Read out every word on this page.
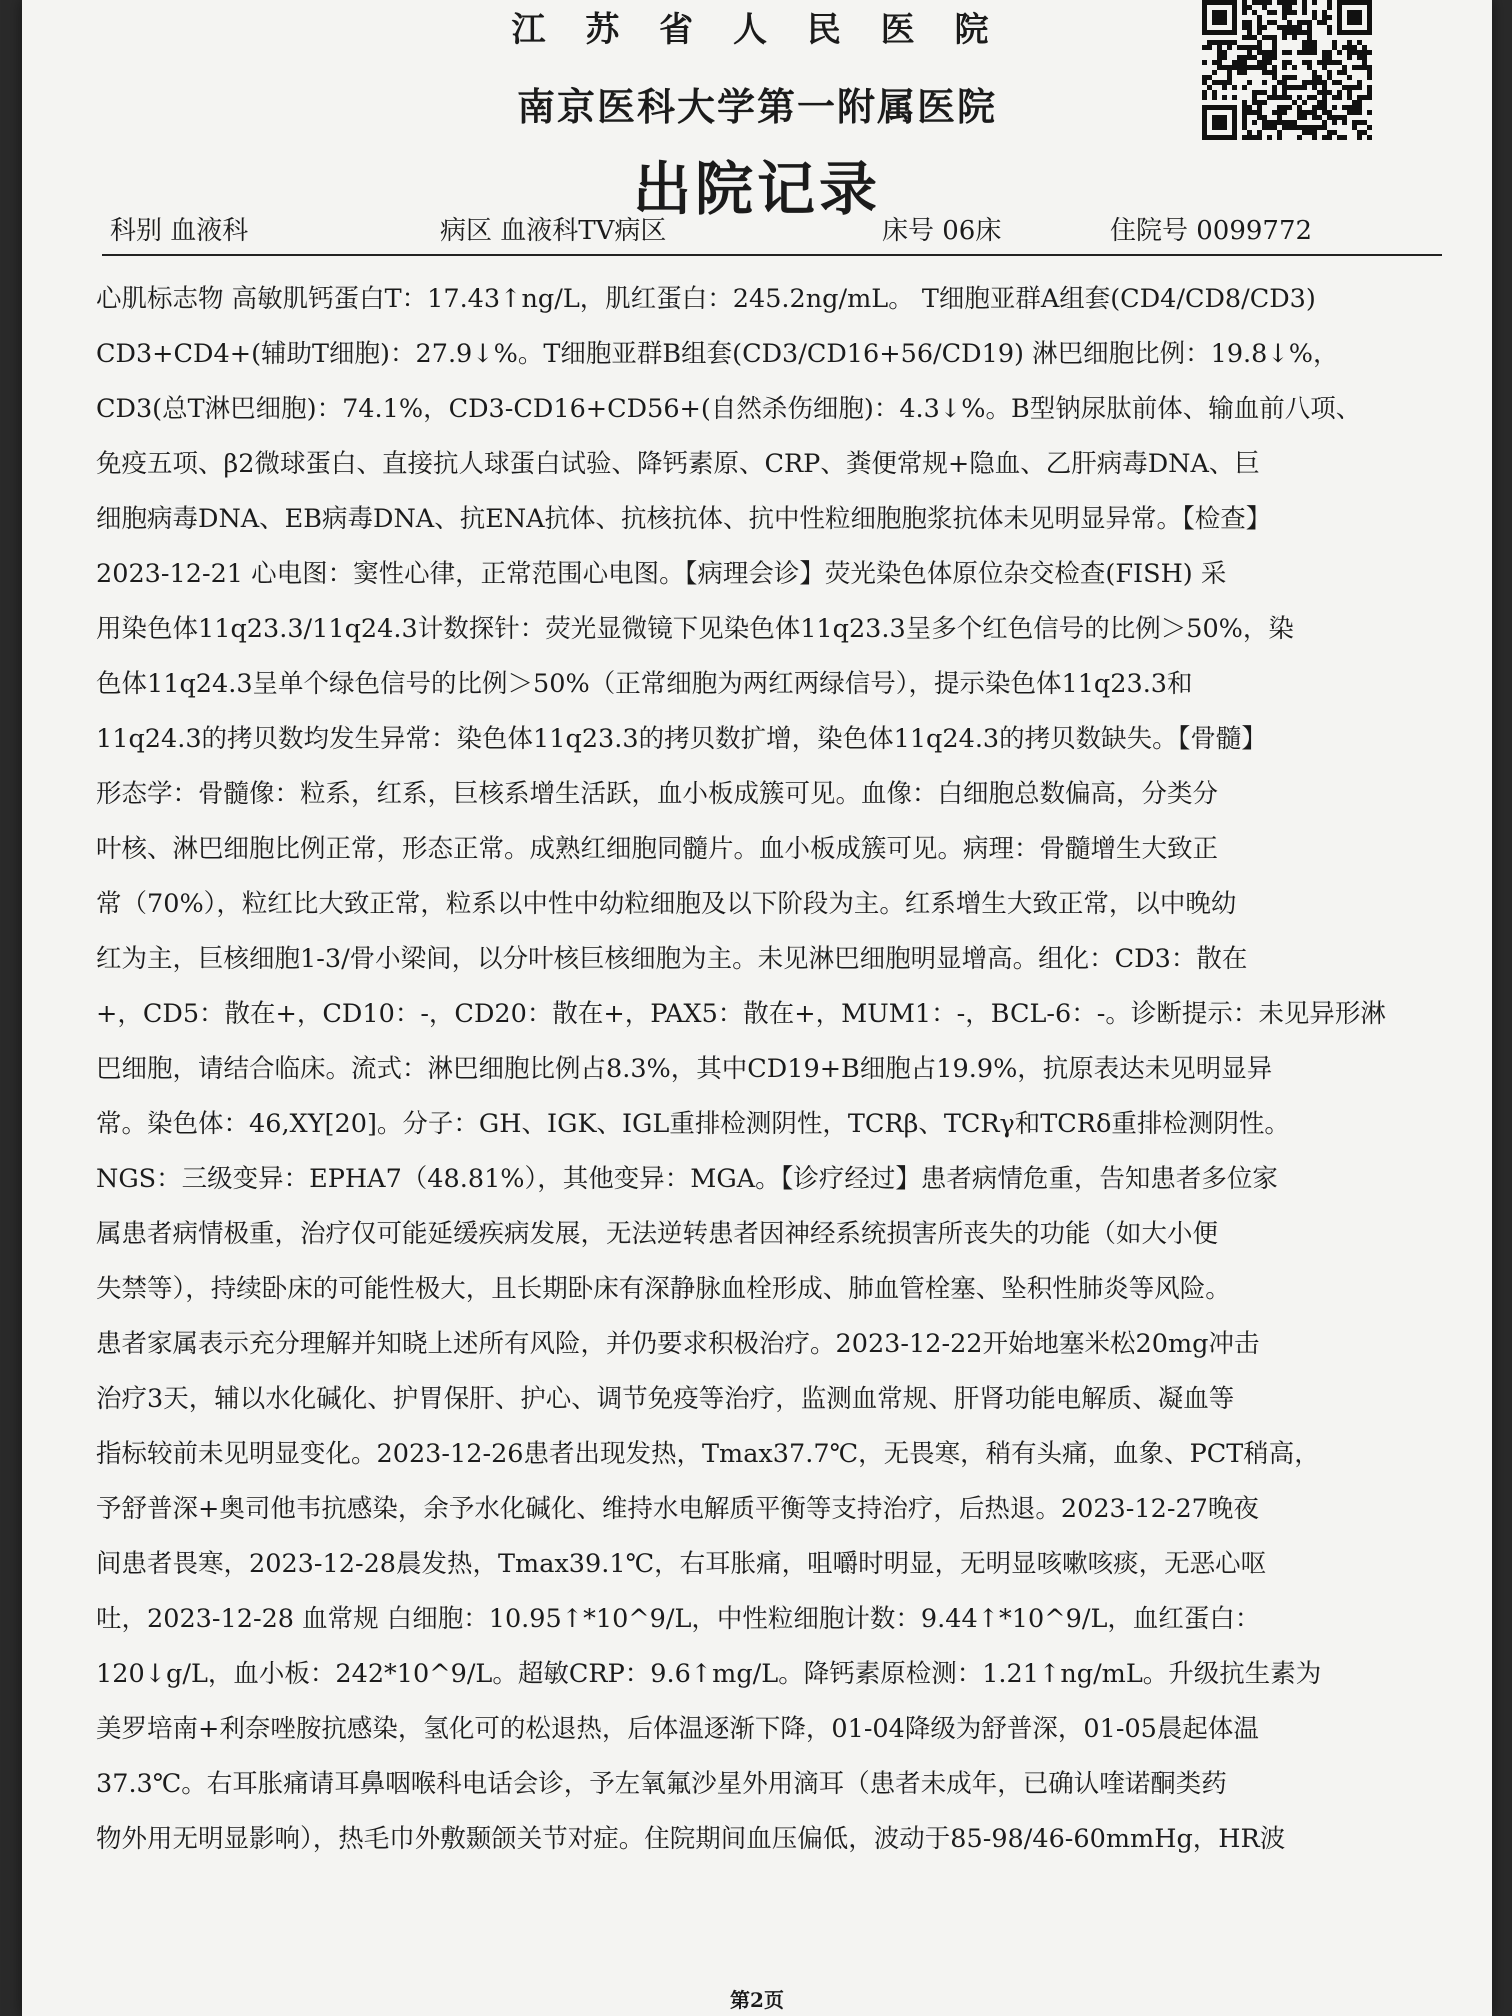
江 苏 省 人 民 医 院
南京医科大学第一附属医院
出院记录
科别 血液科	病区 血液科TV病区	床号 06床	住院号 0099772
心肌标志物 高敏肌钙蛋白T：17.43↑ng/L，肌红蛋白：245.2ng/mL。 T细胞亚群A组套(CD4/CD8/CD3)
CD3+CD4+(辅助T细胞)：27.9↓%。T细胞亚群B组套(CD3/CD16+56/CD19) 淋巴细胞比例：19.8↓%，
CD3(总T淋巴细胞)：74.1%，CD3-CD16+CD56+(自然杀伤细胞)：4.3↓%。B型钠尿肽前体、输血前八项、
免疫五项、β2微球蛋白、直接抗人球蛋白试验、降钙素原、CRP、粪便常规+隐血、乙肝病毒DNA、巨
细胞病毒DNA、EB病毒DNA、抗ENA抗体、抗核抗体、抗中性粒细胞胞浆抗体未见明显异常。【检查】
2023-12-21 心电图：窦性心律，正常范围心电图。【病理会诊】荧光染色体原位杂交检查(FISH) 采
用染色体11q23.3/11q24.3计数探针：荧光显微镜下见染色体11q23.3呈多个红色信号的比例＞50%，染
色体11q24.3呈单个绿色信号的比例＞50%（正常细胞为两红两绿信号），提示染色体11q23.3和
11q24.3的拷贝数均发生异常：染色体11q23.3的拷贝数扩增，染色体11q24.3的拷贝数缺失。【骨髓】
形态学：骨髓像：粒系，红系，巨核系增生活跃，血小板成簇可见。血像：白细胞总数偏高，分类分
叶核、淋巴细胞比例正常，形态正常。成熟红细胞同髓片。血小板成簇可见。病理：骨髓增生大致正
常（70%），粒红比大致正常，粒系以中性中幼粒细胞及以下阶段为主。红系增生大致正常，以中晚幼
红为主，巨核细胞1-3/骨小梁间，以分叶核巨核细胞为主。未见淋巴细胞明显增高。组化：CD3：散在
+，CD5：散在+，CD10：-，CD20：散在+，PAX5：散在+，MUM1：-，BCL-6：-。诊断提示：未见异形淋
巴细胞，请结合临床。流式：淋巴细胞比例占8.3%，其中CD19+B细胞占19.9%，抗原表达未见明显异
常。染色体：46,XY[20]。分子：GH、IGK、IGL重排检测阴性，TCRβ、TCRγ和TCRδ重排检测阴性。
NGS：三级变异：EPHA7（48.81%），其他变异：MGA。【诊疗经过】患者病情危重，告知患者多位家
属患者病情极重，治疗仅可能延缓疾病发展，无法逆转患者因神经系统损害所丧失的功能（如大小便
失禁等），持续卧床的可能性极大，且长期卧床有深静脉血栓形成、肺血管栓塞、坠积性肺炎等风险。
患者家属表示充分理解并知晓上述所有风险，并仍要求积极治疗。2023-12-22开始地塞米松20mg冲击
治疗3天，辅以水化碱化、护胃保肝、护心、调节免疫等治疗，监测血常规、肝肾功能电解质、凝血等
指标较前未见明显变化。2023-12-26患者出现发热，Tmax37.7℃，无畏寒，稍有头痛，血象、PCT稍高，
予舒普深+奥司他韦抗感染，余予水化碱化、维持水电解质平衡等支持治疗，后热退。2023-12-27晚夜
间患者畏寒，2023-12-28晨发热，Tmax39.1℃，右耳胀痛，咀嚼时明显，无明显咳嗽咳痰，无恶心呕
吐，2023-12-28 血常规 白细胞：10.95↑*10^9/L，中性粒细胞计数：9.44↑*10^9/L，血红蛋白：
120↓g/L，血小板：242*10^9/L。超敏CRP：9.6↑mg/L。降钙素原检测：1.21↑ng/mL。升级抗生素为
美罗培南+利奈唑胺抗感染，氢化可的松退热，后体温逐渐下降，01-04降级为舒普深，01-05晨起体温
37.3℃。右耳胀痛请耳鼻咽喉科电话会诊，予左氧氟沙星外用滴耳（患者未成年，已确认喹诺酮类药
物外用无明显影响），热毛巾外敷颞颌关节对症。住院期间血压偏低，波动于85-98/46-60mmHg，HR波
第2页
